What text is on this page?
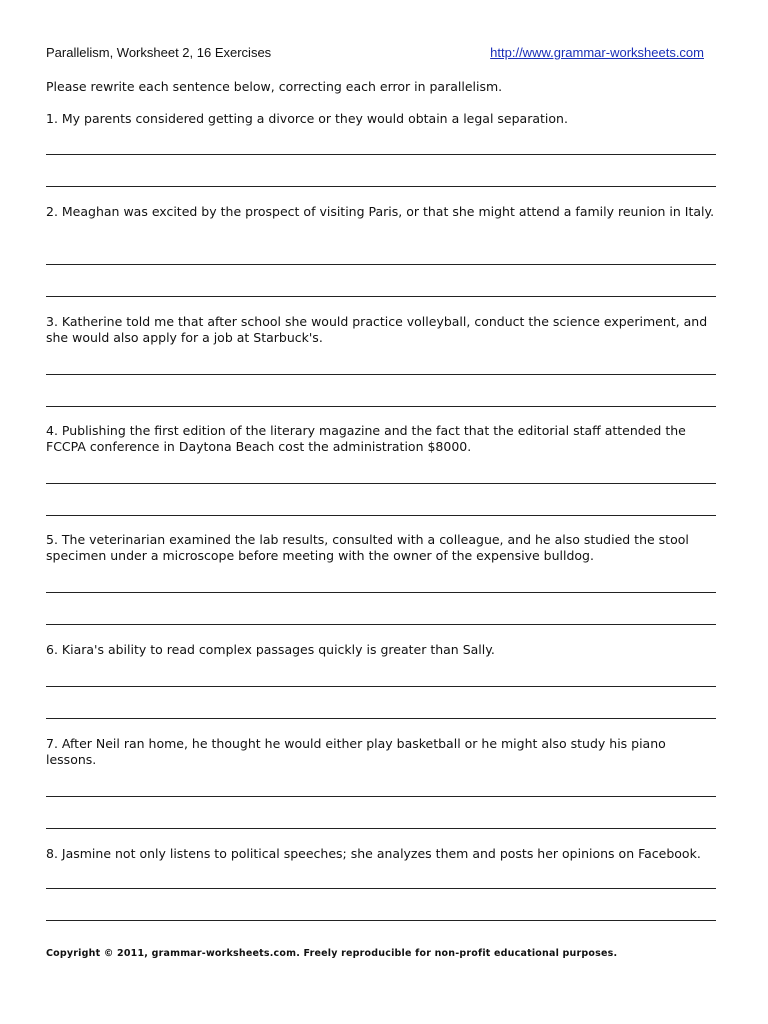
Parallelism, Worksheet 2, 16 Exercises	http://www.grammar-worksheets.com
Please rewrite each sentence below, correcting each error in parallelism.
1. My parents considered getting a divorce or they would obtain a legal separation.
2. Meaghan was excited by the prospect of visiting Paris, or that she might attend a family reunion in Italy.
3. Katherine told me that after school she would practice volleyball, conduct the science experiment, and she would also apply for a job at Starbuck's.
4. Publishing the first edition of the literary magazine and the fact that the editorial staff attended the FCCPA conference in Daytona Beach cost the administration $8000.
5. The veterinarian examined the lab results, consulted with a colleague, and he also studied the stool specimen under a microscope before meeting with the owner of the expensive bulldog.
6. Kiara's ability to read complex passages quickly is greater than Sally.
7. After Neil ran home, he thought he would either play basketball or he might also study his piano lessons.
8. Jasmine not only listens to political speeches; she analyzes them and posts her opinions on Facebook.
Copyright © 2011, grammar-worksheets.com. Freely reproducible for non-profit educational purposes.
